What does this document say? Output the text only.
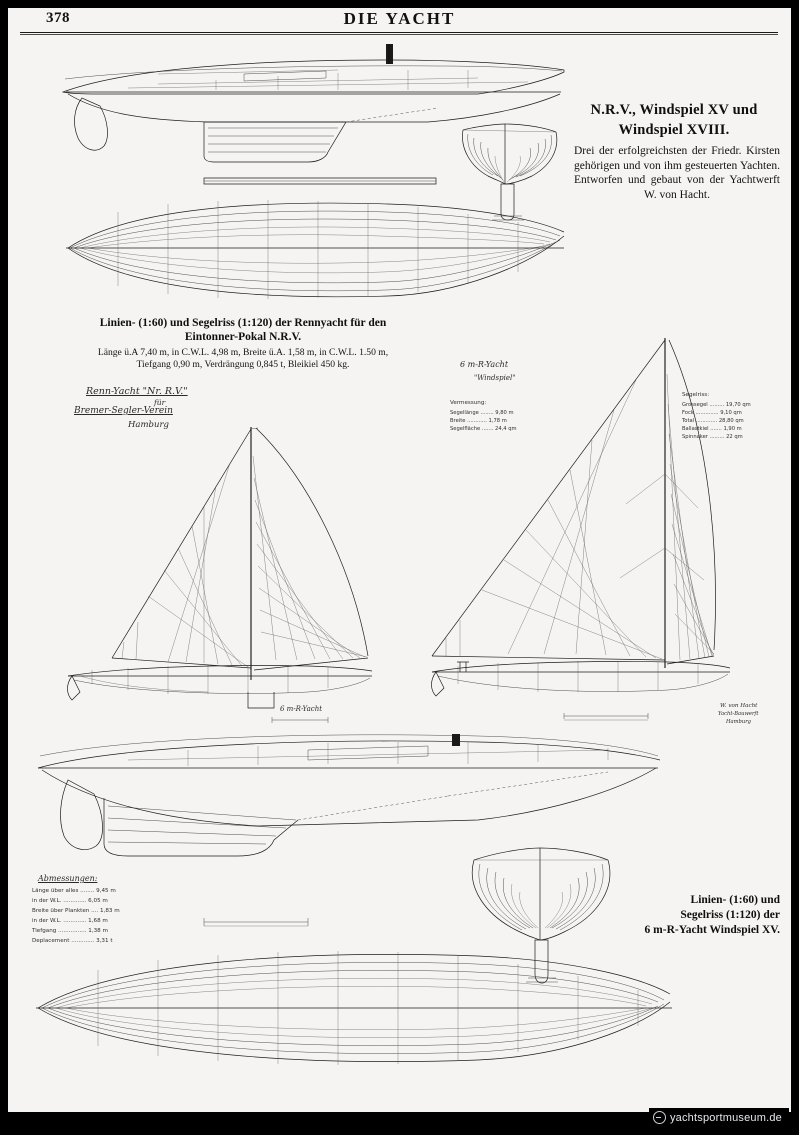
378	DIE YACHT
N.R.V., Windspiel XV und
Windspiel XVIII.
Drei der erfolgreichsten der Friedr. Kirsten gehörigen und von ihm gesteuerten Yachten. Entworfen und gebaut von der Yachtwerft W. von Hacht.
Linien- (1:60) und Segelriss (1:120) der Rennyacht für den
Eintonner-Pokal N.R.V.
Länge ü.A 7,40 m, in C.W.L. 4,98 m, Breite ü.A. 1,58 m, in C.W.L. 1.50 m,
Tiefgang 0,90 m, Verdrängung 0,845 t, Bleikiel 450 kg.
Linien- (1:60) und
Segelriss (1:120) der
6 m-R-Yacht Windspiel XV.
Renn-Yacht "Nr. R.V."
für
Bremer-Segler-Verein
Hamburg
6 m-R-Yacht
"Windspiel"
Vermessung:
Segellänge ........ 9,80 m
Breite ............ 1,78 m
Segelfläche ....... 24,4 qm
Segelriss:
Grossegel ......... 19,70 qm
Fock .............. 9,10 qm
Total ............. 28,80 qm
Ballastkiel ....... 1,90 m
Spinnaker ......... 22 qm
6 m-R-Yacht
Abmessungen:
Länge über alles ........ 9,45 m
in der W.L. ............. 6,05 m
Breite über Plankten .... 1,83 m
in der W.L. ............. 1,68 m
Tiefgang ................ 1,38 m
Deplacement ............. 3,31 t
W. von Hacht
Yacht-Bauwerft
Hamburg
yachtsportmuseum.de
